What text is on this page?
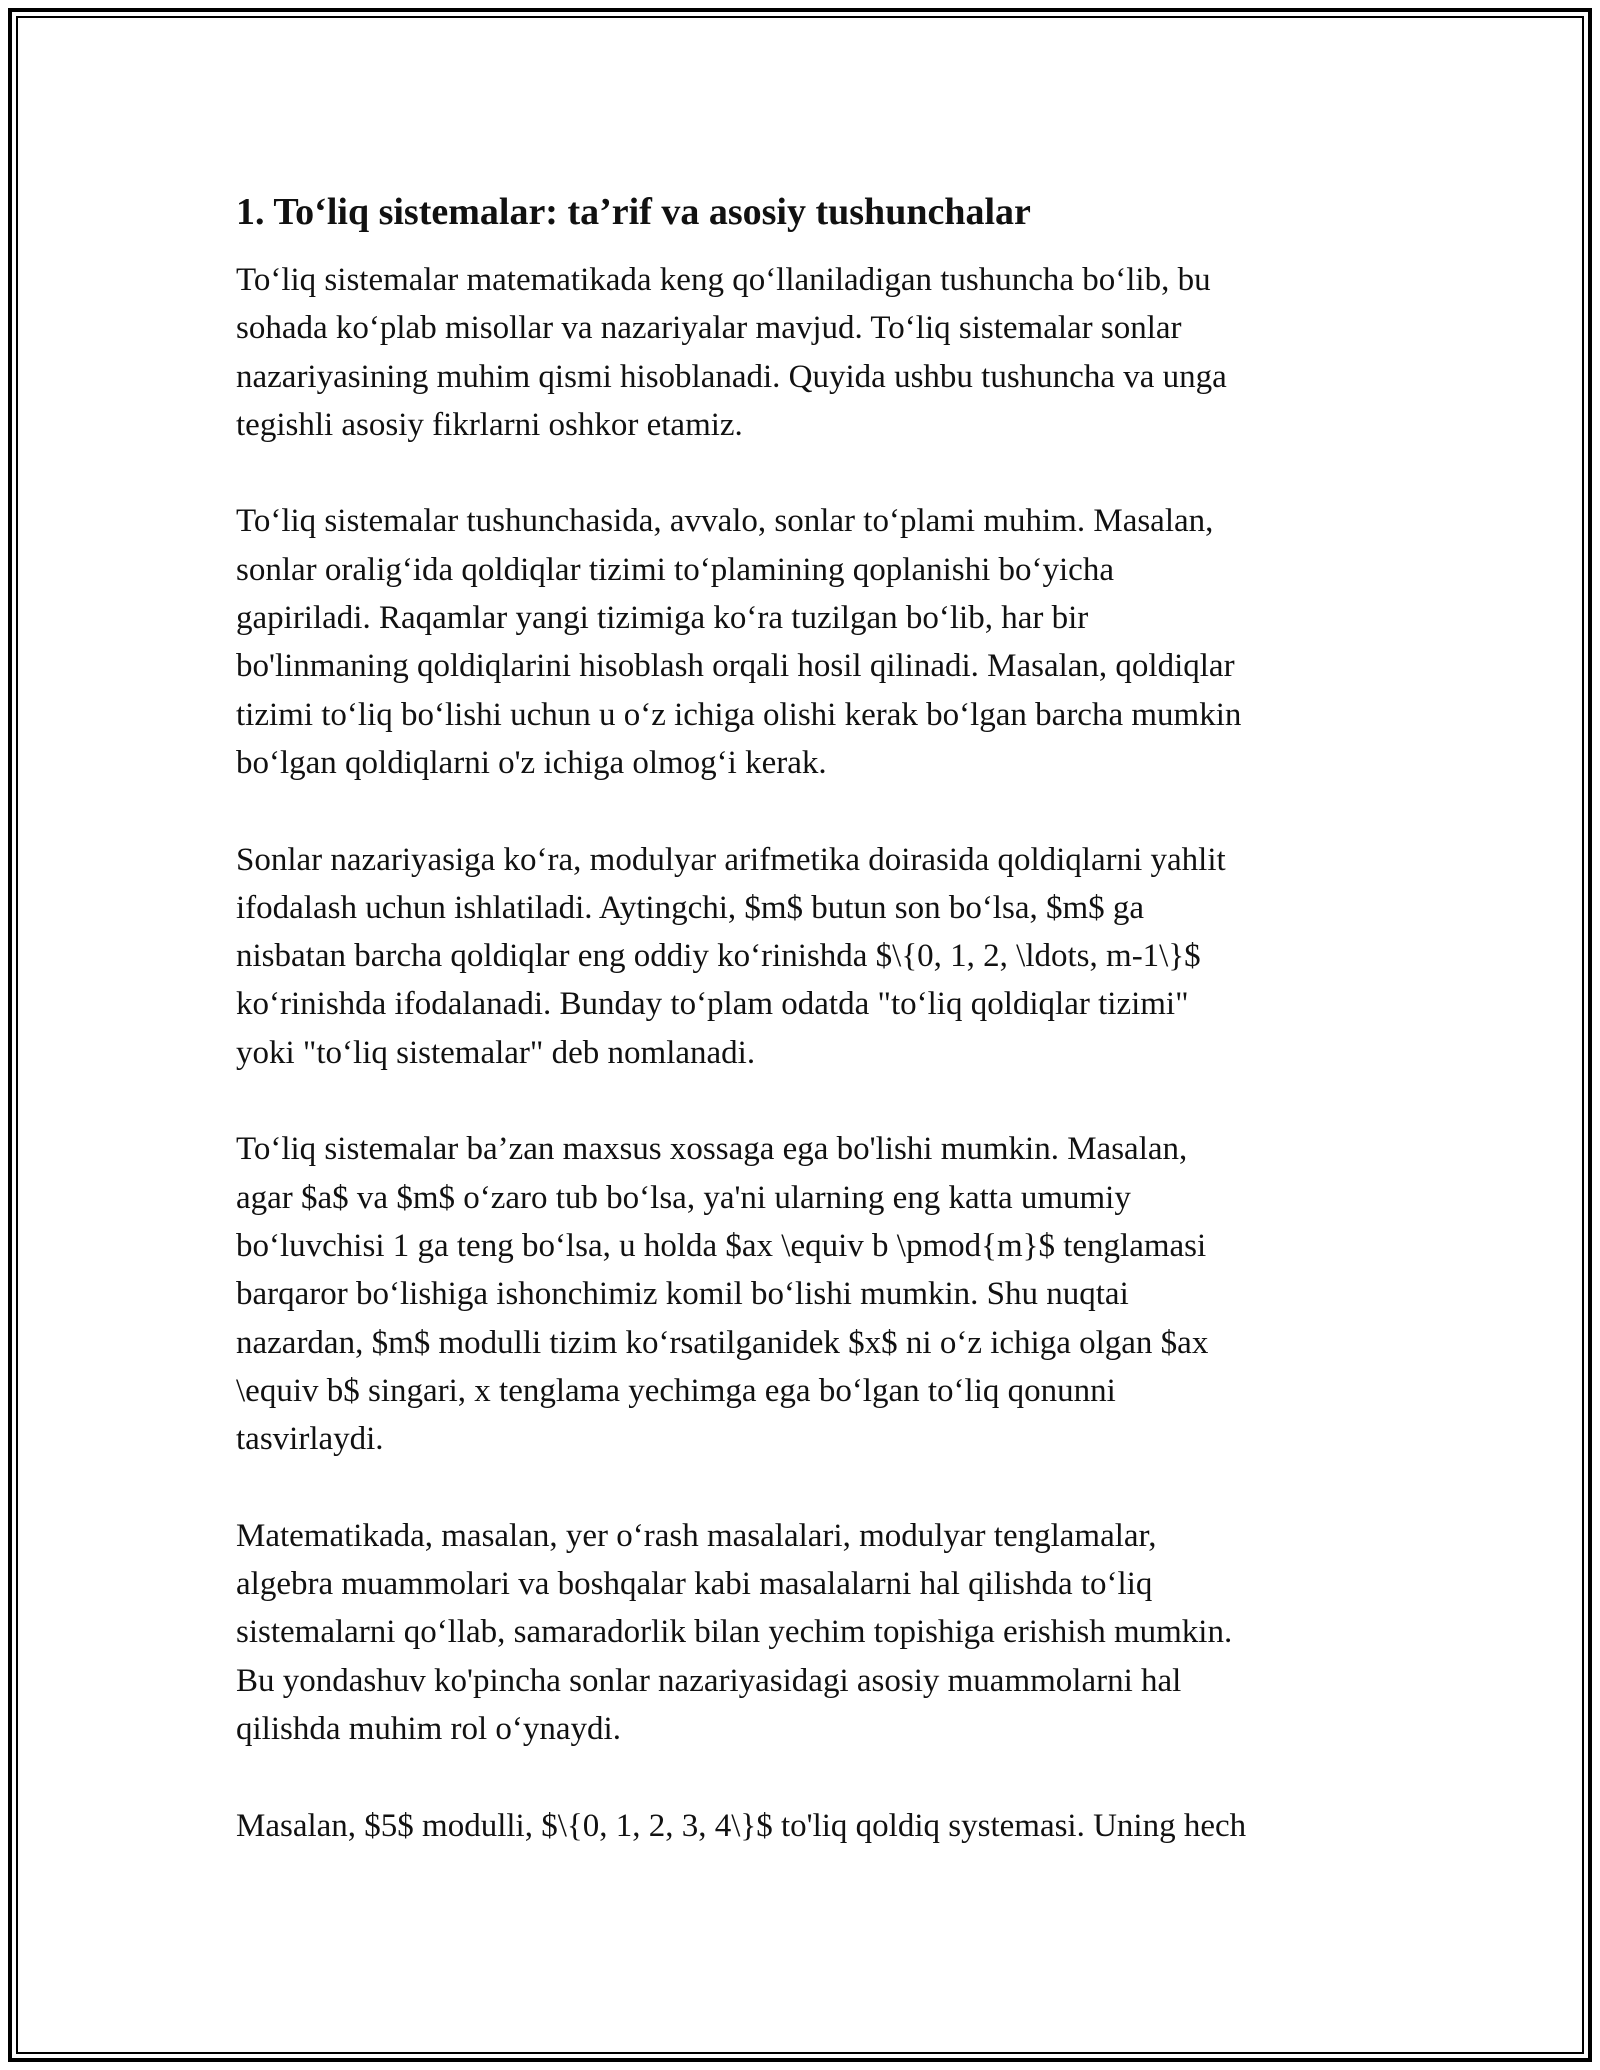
1. To‘liq sistemalar: ta’rif va asosiy tushunchalar

To‘liq sistemalar matematikada keng qo‘llaniladigan tushuncha bo‘lib, bu
sohada ko‘plab misollar va nazariyalar mavjud. To‘liq sistemalar sonlar
nazariyasining muhim qismi hisoblanadi. Quyida ushbu tushuncha va unga
tegishli asosiy fikrlarni oshkor etamiz.

To‘liq sistemalar tushunchasida, avvalo, sonlar to‘plami muhim. Masalan,
sonlar oralig‘ida qoldiqlar tizimi to‘plamining qoplanishi bo‘yicha
gapiriladi. Raqamlar yangi tizimiga ko‘ra tuzilgan bo‘lib, har bir
bo'linmaning qoldiqlarini hisoblash orqali hosil qilinadi. Masalan, qoldiqlar
tizimi to‘liq bo‘lishi uchun u o‘z ichiga olishi kerak bo‘lgan barcha mumkin
bo‘lgan qoldiqlarni o'z ichiga olmog‘i kerak.

Sonlar nazariyasiga ko‘ra, modulyar arifmetika doirasida qoldiqlarni yahlit
ifodalash uchun ishlatiladi. Aytingchi, $m$ butun son bo‘lsa, $m$ ga
nisbatan barcha qoldiqlar eng oddiy ko‘rinishda $\{0, 1, 2, \ldots, m-1\}$
ko‘rinishda ifodalanadi. Bunday to‘plam odatda "to‘liq qoldiqlar tizimi"
yoki "to‘liq sistemalar" deb nomlanadi.

To‘liq sistemalar ba’zan maxsus xossaga ega bo'lishi mumkin. Masalan,
agar $a$ va $m$ o‘zaro tub bo‘lsa, ya'ni ularning eng katta umumiy
bo‘luvchisi 1 ga teng bo‘lsa, u holda $ax \equiv b \pmod{m}$ tenglamasi
barqaror bo‘lishiga ishonchimiz komil bo‘lishi mumkin. Shu nuqtai
nazardan, $m$ modulli tizim ko‘rsatilganidek $x$ ni o‘z ichiga olgan $ax
\equiv b$ singari, x tenglama yechimga ega bo‘lgan to‘liq qonunni
tasvirlaydi.

Matematikada, masalan, yer o‘rash masalalari, modulyar tenglamalar,
algebra muammolari va boshqalar kabi masalalarni hal qilishda to‘liq
sistemalarni qo‘llab, samaradorlik bilan yechim topishiga erishish mumkin.
Bu yondashuv ko'pincha sonlar nazariyasidagi asosiy muammolarni hal
qilishda muhim rol o‘ynaydi.

Masalan, $5$ modulli, $\{0, 1, 2, 3, 4\}$ to'liq qoldiq systemasi. Uning hech
